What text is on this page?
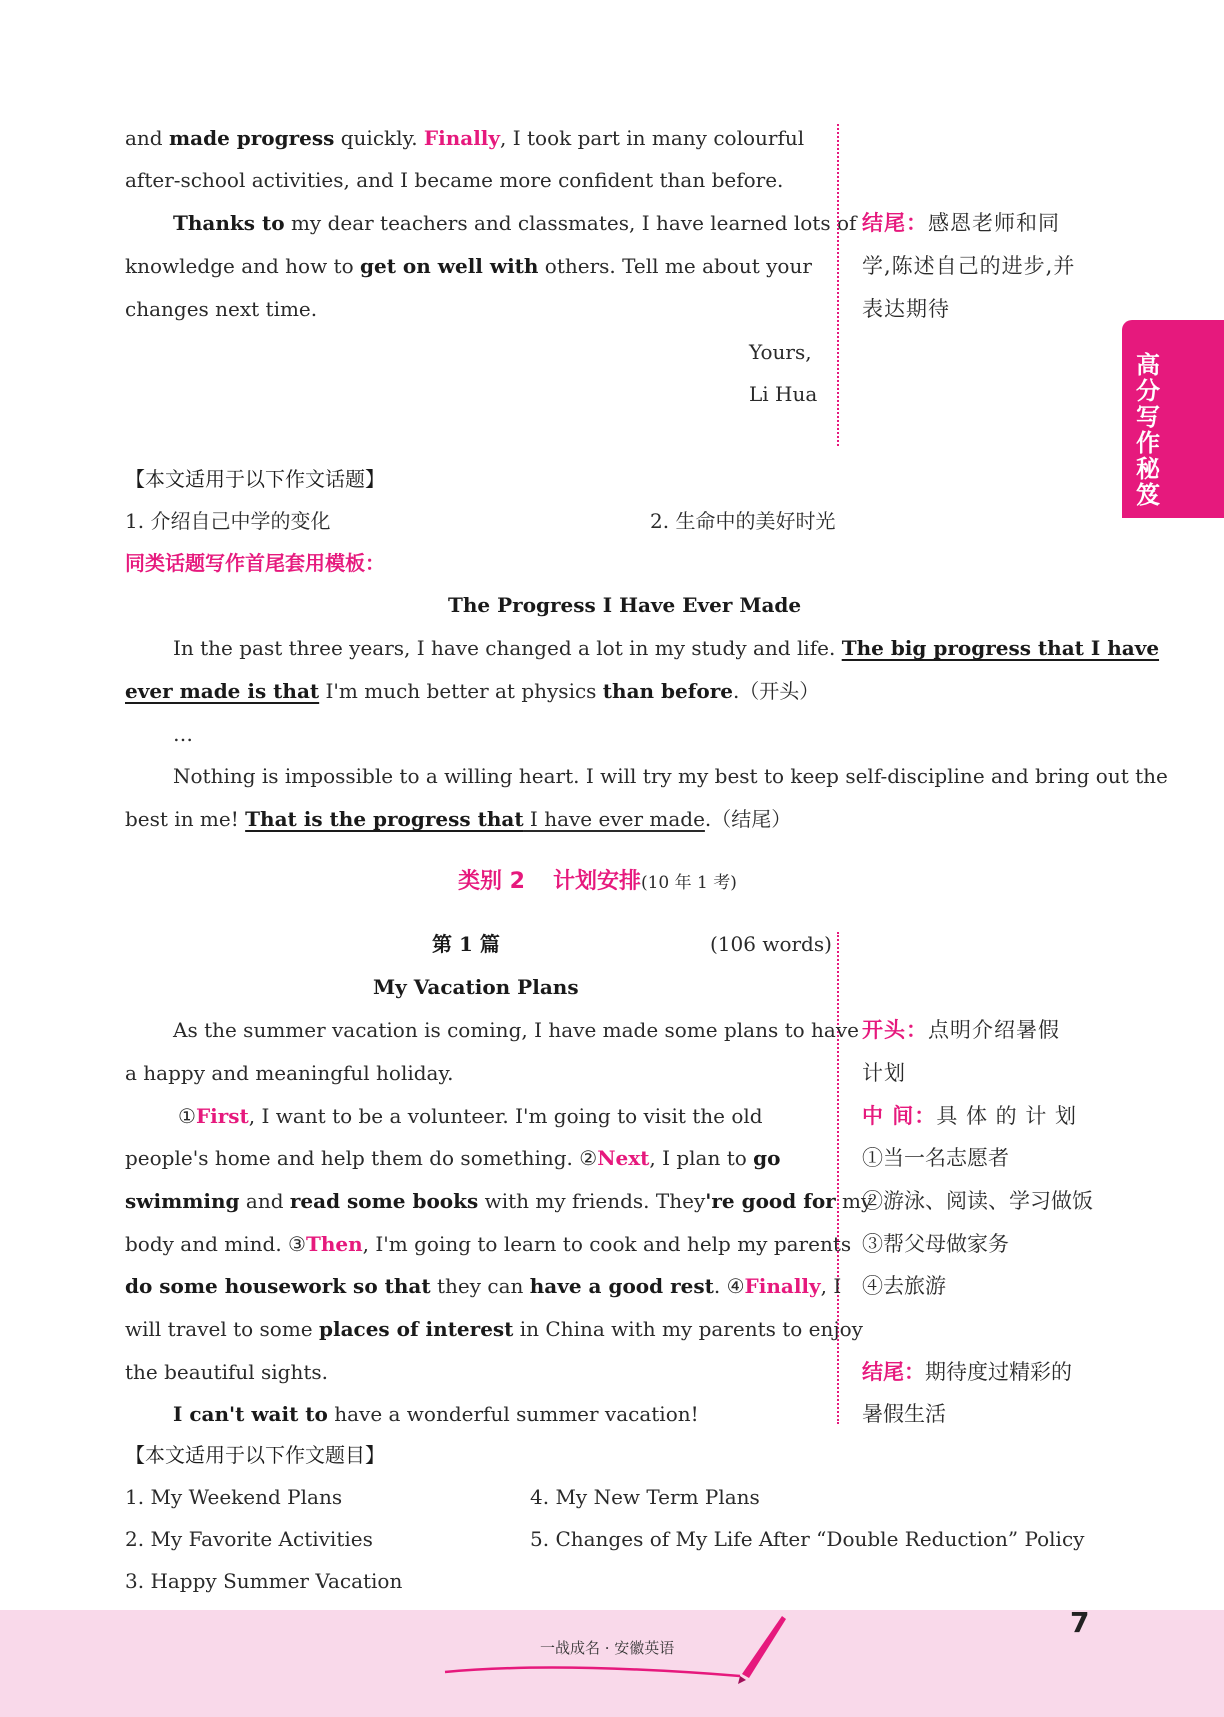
and made progress quickly. Finally, I took part in many colourful
after-school activities, and I became more confident than before.
Thanks to my dear teachers and classmates, I have learned lots of
knowledge and how to get on well with others. Tell me about your
changes next time.
Yours,
Li Hua
结尾：感恩老师和同
学,陈述自己的进步,并
表达期待
高分写作秘笈
【本文适用于以下作文话题】
1. 介绍自己中学的变化	2. 生命中的美好时光
同类话题写作首尾套用模板：
The Progress I Have Ever Made
In the past three years, I have changed a lot in my study and life. The big progress that I have
ever made is that I'm much better at physics than before.（开头）
…
Nothing is impossible to a willing heart. I will try my best to keep self-discipline and bring out the
best in me! That is the progress that I have ever made.（结尾）
类别 2 计划安排(10 年 1 考)
第 1 篇	(106 words)
My Vacation Plans
As the summer vacation is coming, I have made some plans to have
a happy and meaningful holiday.
①First, I want to be a volunteer. I'm going to visit the old
people's home and help them do something. ②Next, I plan to go
swimming and read some books with my friends. They're good for my
body and mind. ③Then, I'm going to learn to cook and help my parents
do some housework so that they can have a good rest. ④Finally, I
will travel to some places of interest in China with my parents to enjoy
the beautiful sights.
I can't wait to have a wonderful summer vacation!
开头：点明介绍暑假
计划
中 间：具 体 的 计 划
①当一名志愿者
②游泳、阅读、学习做饭
③帮父母做家务
④去旅游
结尾：期待度过精彩的
暑假生活
【本文适用于以下作文题目】
1. My Weekend Plans
2. My Favorite Activities
3. Happy Summer Vacation
4. My New Term Plans
5. Changes of My Life After “Double Reduction” Policy
一战成名 · 安徽英语
7
